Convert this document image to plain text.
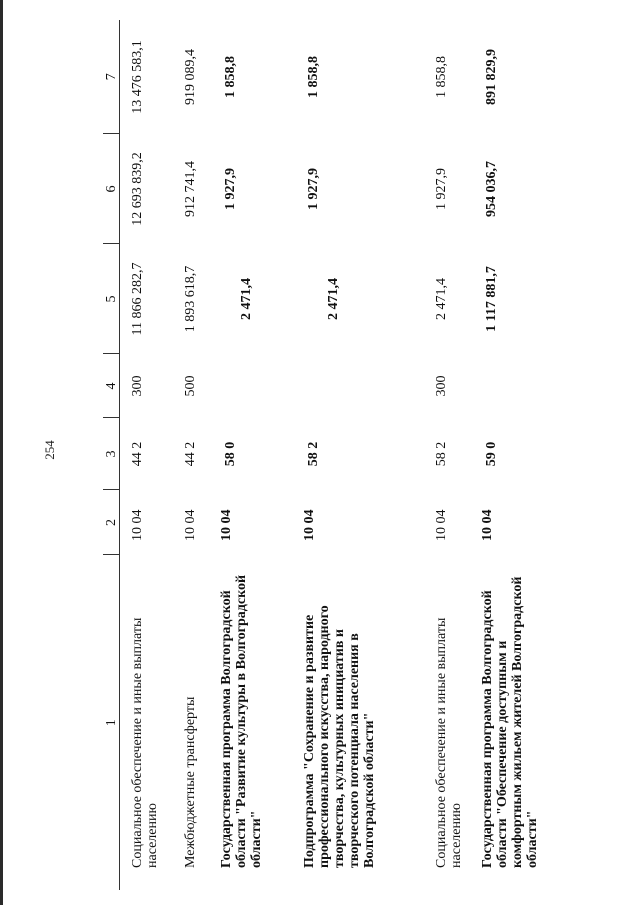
254
1	2	3	4	5	6	7
Социальное обеспечение и иные выплаты населению	10 04	44 2	300	11 866 282,7	12 693 839,2	13 476 583,1
Межбюджетные трансферты	10 04	44 2	500	1 893 618,7	912 741,4	919 089,4
Государственная программа Волгоградской области "Развитие культуры в Волгоградской области"	10 04	58 0		2 471,4	1 927,9	1 858,8
Подпрограмма "Сохранение и развитие профессионального искусства, народного творчества, культурных инициатив и творческого потенциала населения в Волгоградской области"	10 04	58 2		2 471,4	1 927,9	1 858,8
Социальное обеспечение и иные выплаты населению	10 04	58 2	300	2 471,4	1 927,9	1 858,8
Государственная программа Волгоградской области "Обеспечение доступным и комфортным жильем жителей Волгоградской области"	10 04	59 0		1 117 881,7	954 036,7	891 829,9
